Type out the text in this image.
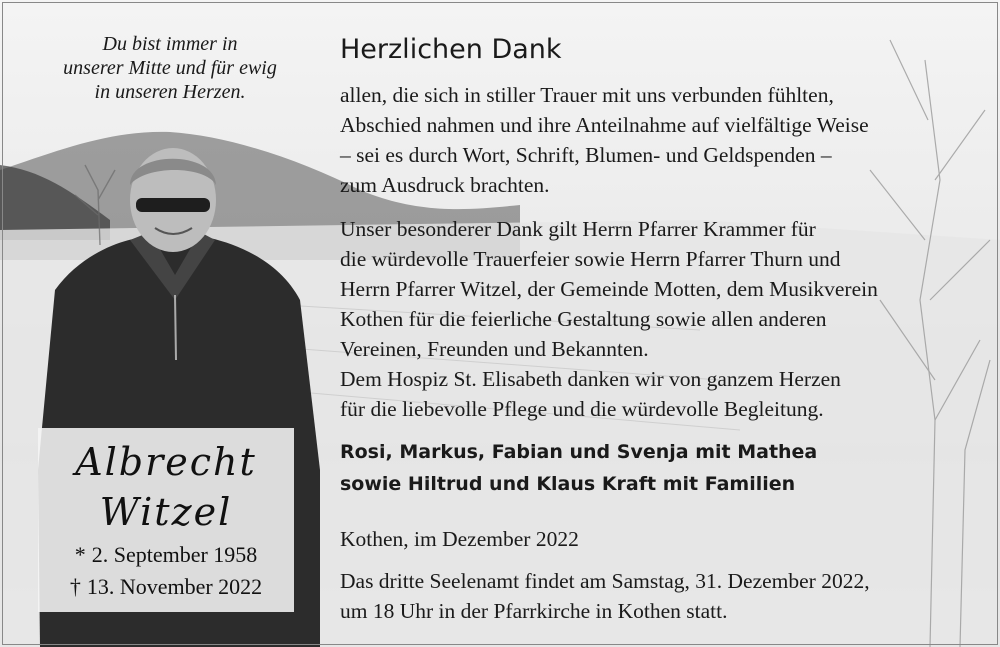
Du bist immer in
unserer Mitte und für ewig
in unseren Herzen.
Albrecht
Witzel
* 2. September 1958
† 13. November 2022
Herzlichen Dank
allen, die sich in stiller Trauer mit uns verbunden fühlten,
Abschied nahmen und ihre Anteilnahme auf vielfältige Weise
– sei es durch Wort, Schrift, Blumen- und Geldspenden –
zum Ausdruck brachten.
Unser besonderer Dank gilt Herrn Pfarrer Krammer für
die würdevolle Trauerfeier sowie Herrn Pfarrer Thurn und
Herrn Pfarrer Witzel, der Gemeinde Motten, dem Musikverein
Kothen für die feierliche Gestaltung sowie allen anderen
Vereinen, Freunden und Bekannten.
Dem Hospiz St. Elisabeth danken wir von ganzem Herzen
für die liebevolle Pflege und die würdevolle Begleitung.
Rosi, Markus, Fabian und Svenja mit Mathea
sowie Hiltrud und Klaus Kraft mit Familien
Kothen, im Dezember 2022
Das dritte Seelenamt findet am Samstag, 31. Dezember 2022,
um 18 Uhr in der Pfarrkirche in Kothen statt.
